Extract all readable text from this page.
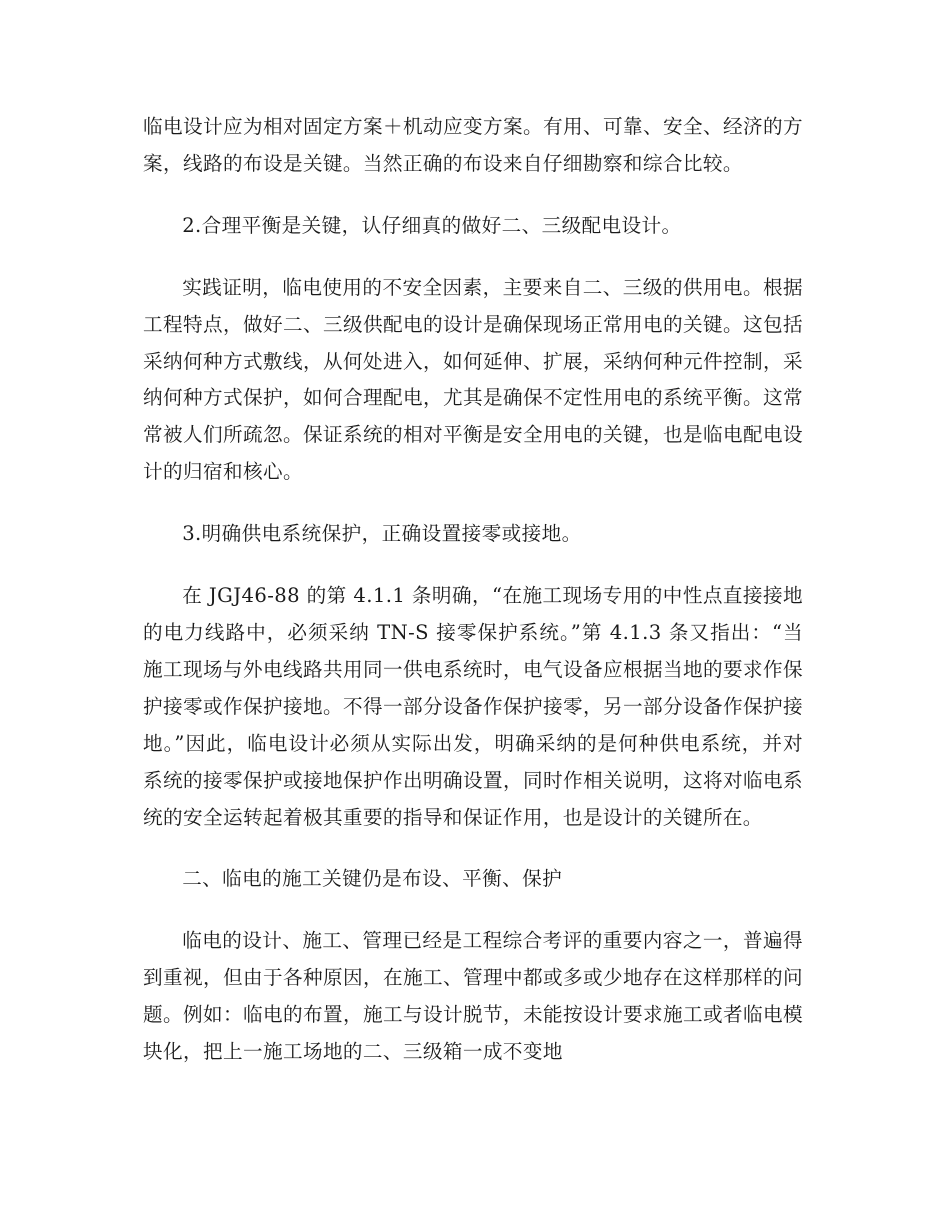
临电设计应为相对固定方案＋机动应变方案。有用、可靠、安全、经济的方案，线路的布设是关键。当然正确的布设来自仔细勘察和综合比较。

2.合理平衡是关键，认仔细真的做好二、三级配电设计。

实践证明，临电使用的不安全因素，主要来自二、三级的供用电。根据工程特点，做好二、三级供配电的设计是确保现场正常用电的关键。这包括采纳何种方式敷线，从何处进入，如何延伸、扩展，采纳何种元件控制，采纳何种方式保护，如何合理配电，尤其是确保不定性用电的系统平衡。这常常被人们所疏忽。保证系统的相对平衡是安全用电的关键，也是临电配电设计的归宿和核心。

3.明确供电系统保护，正确设置接零或接地。

在 JGJ46-88 的第 4.1.1 条明确，“在施工现场专用的中性点直接接地的电力线路中，必须采纳 TN-S 接零保护系统。”第 4.1.3 条又指出：“当施工现场与外电线路共用同一供电系统时，电气设备应根据当地的要求作保护接零或作保护接地。不得一部分设备作保护接零，另一部分设备作保护接地。”因此，临电设计必须从实际出发，明确采纳的是何种供电系统，并对系统的接零保护或接地保护作出明确设置，同时作相关说明，这将对临电系统的安全运转起着极其重要的指导和保证作用，也是设计的关键所在。

二、临电的施工关键仍是布设、平衡、保护

临电的设计、施工、管理已经是工程综合考评的重要内容之一，普遍得到重视，但由于各种原因，在施工、管理中都或多或少地存在这样那样的问题。例如：临电的布置，施工与设计脱节，未能按设计要求施工或者临电模块化，把上一施工场地的二、三级箱一成不变地
